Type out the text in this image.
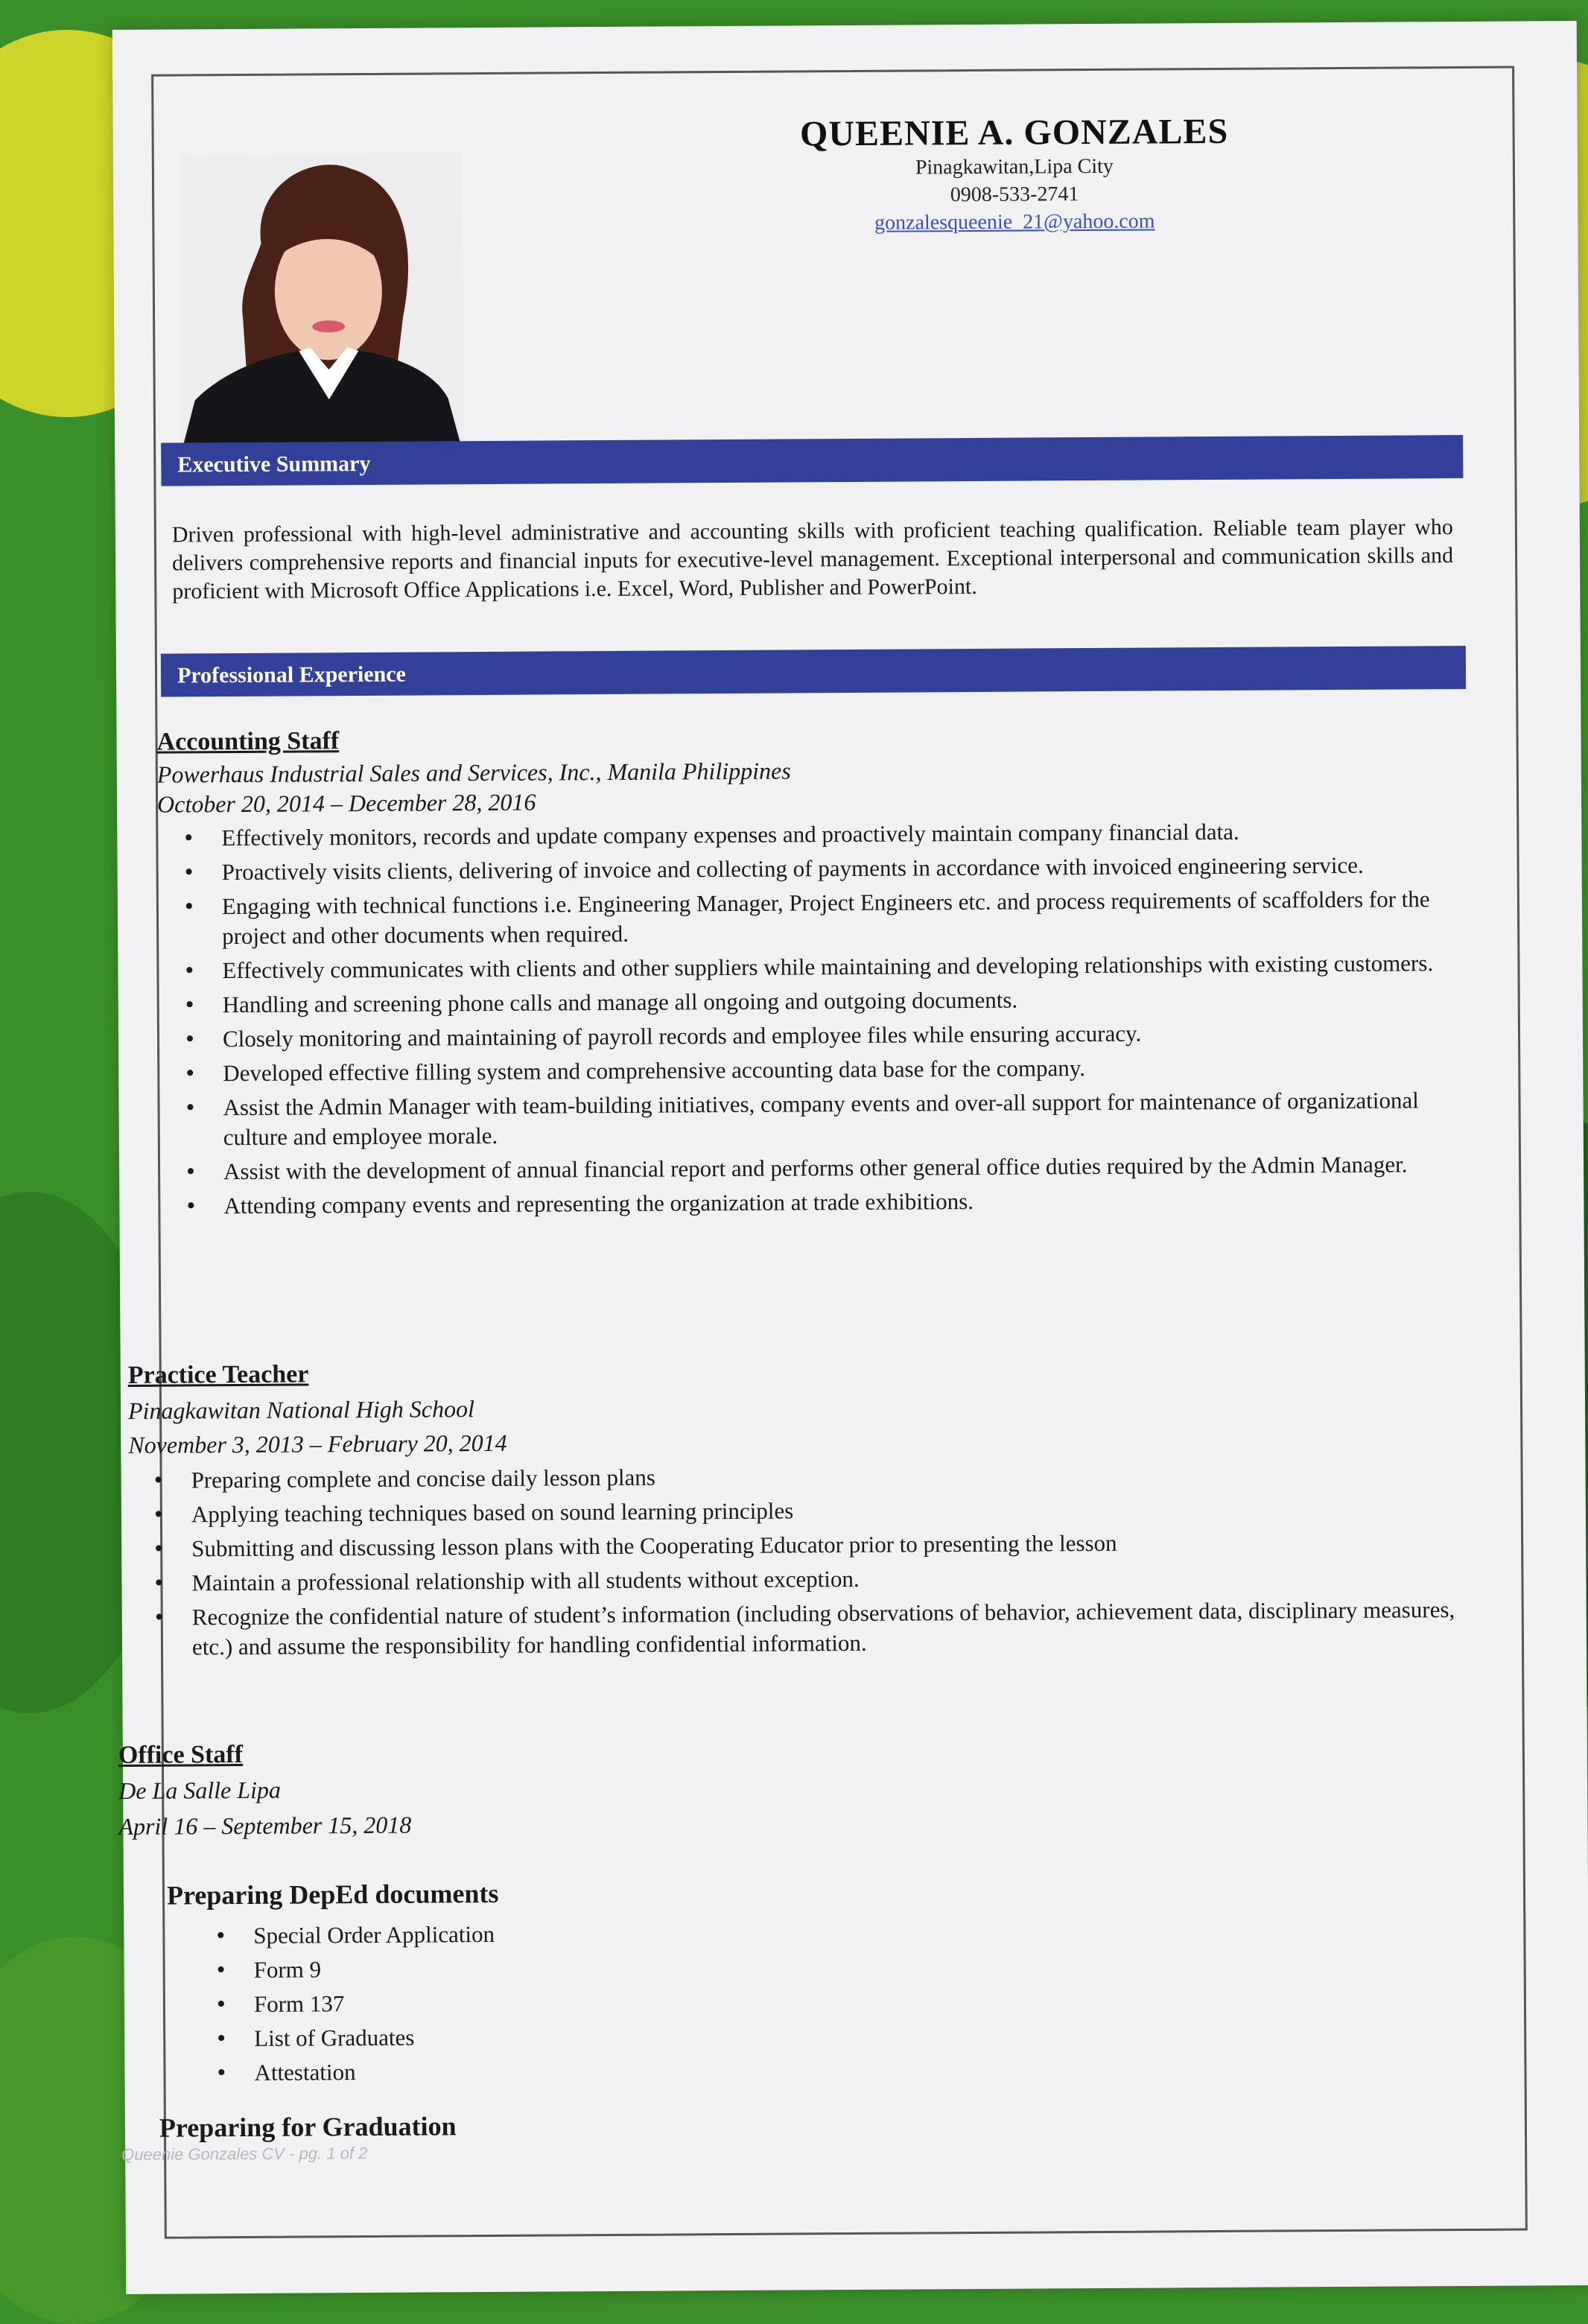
QUEENIE A. GONZALES
Pinagkawitan,Lipa City
0908-533-2741
gonzalesqueenie_21@yahoo.com
Executive Summary
Driven professional with high-level administrative and accounting skills with proficient teaching qualification. Reliable team player who delivers comprehensive reports and financial inputs for executive-level management. Exceptional interpersonal and communication skills and proficient with Microsoft Office Applications i.e. Excel, Word, Publisher and PowerPoint.
Professional Experience
Accounting Staff
Powerhaus Industrial Sales and Services, Inc., Manila Philippines
October 20, 2014 – December 28, 2016
• Effectively monitors, records and update company expenses and proactively maintain company financial data.
• Proactively visits clients, delivering of invoice and collecting of payments in accordance with invoiced engineering service.
• Engaging with technical functions i.e. Engineering Manager, Project Engineers etc. and process requirements of scaffolders for the project and other documents when required.
• Effectively communicates with clients and other suppliers while maintaining and developing relationships with existing customers.
• Handling and screening phone calls and manage all ongoing and outgoing documents.
• Closely monitoring and maintaining of payroll records and employee files while ensuring accuracy.
• Developed effective filling system and comprehensive accounting data base for the company.
• Assist the Admin Manager with team-building initiatives, company events and over-all support for maintenance of organizational culture and employee morale.
• Assist with the development of annual financial report and performs other general office duties required by the Admin Manager.
• Attending company events and representing the organization at trade exhibitions.
Practice Teacher
Pinagkawitan National High School
November 3, 2013 – February 20, 2014
• Preparing complete and concise daily lesson plans
• Applying teaching techniques based on sound learning principles
• Submitting and discussing lesson plans with the Cooperating Educator prior to presenting the lesson
• Maintain a professional relationship with all students without exception.
• Recognize the confidential nature of student’s information (including observations of behavior, achievement data, disciplinary measures, etc.) and assume the responsibility for handling confidential information.
Office Staff
De La Salle Lipa
April 16 – September 15, 2018
Preparing DepEd documents
• Special Order Application
• Form 9
• Form 137
• List of Graduates
• Attestation
Preparing for Graduation
Queenie Gonzales CV - pg. 1 of 2
